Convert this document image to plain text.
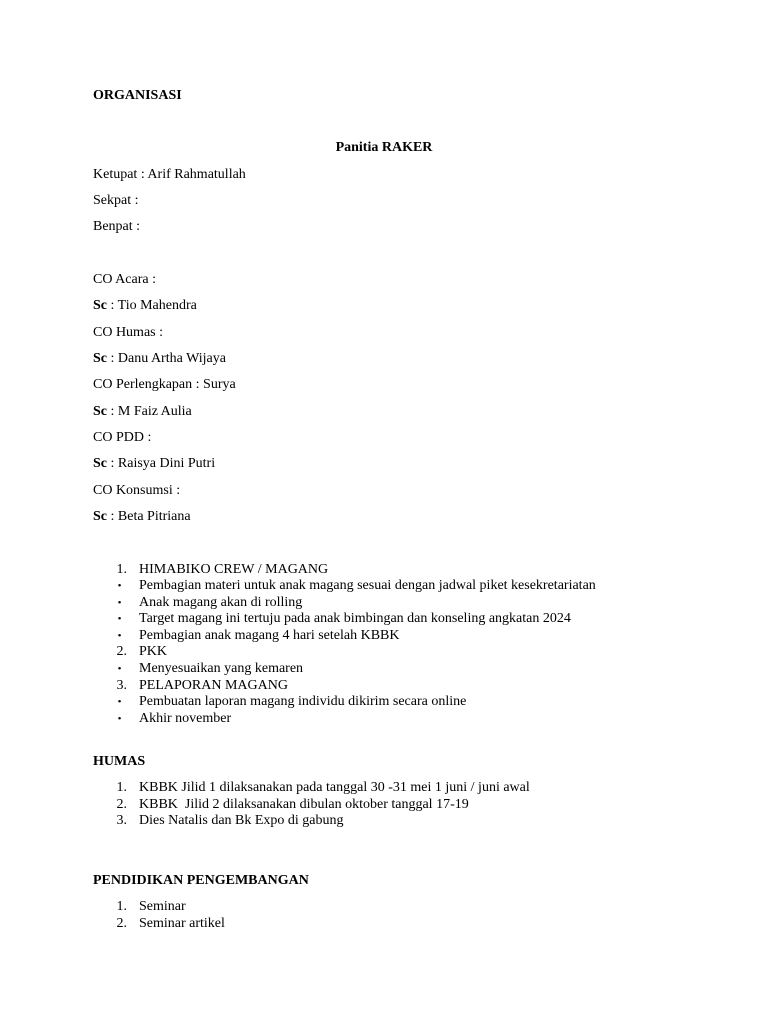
ORGANISASI
Panitia RAKER
Ketupat : Arif Rahmatullah
Sekpat :
Benpat :
CO Acara :
Sc : Tio Mahendra
CO Humas :
Sc : Danu Artha Wijaya
CO Perlengkapan : Surya
Sc : M Faiz Aulia
CO PDD :
Sc : Raisya Dini Putri
CO Konsumsi :
Sc : Beta Pitriana
1. HIMABIKO CREW / MAGANG
•	Pembagian materi untuk anak magang sesuai dengan jadwal piket kesekretariatan
•	Anak magang akan di rolling
•	Target magang ini tertuju pada anak bimbingan dan konseling angkatan 2024
•	Pembagian anak magang 4 hari setelah KBBK
2. PKK
•	Menyesuaikan yang kemaren
3. PELAPORAN MAGANG
•	Pembuatan laporan magang individu dikirim secara online
•	Akhir november
HUMAS
1. KBBK Jilid 1 dilaksanakan pada tanggal 30 -31 mei 1 juni / juni awal
2. KBBK  Jilid 2 dilaksanakan dibulan oktober tanggal 17-19
3. Dies Natalis dan Bk Expo di gabung
PENDIDIKAN PENGEMBANGAN
1. Seminar
2. Seminar artikel
